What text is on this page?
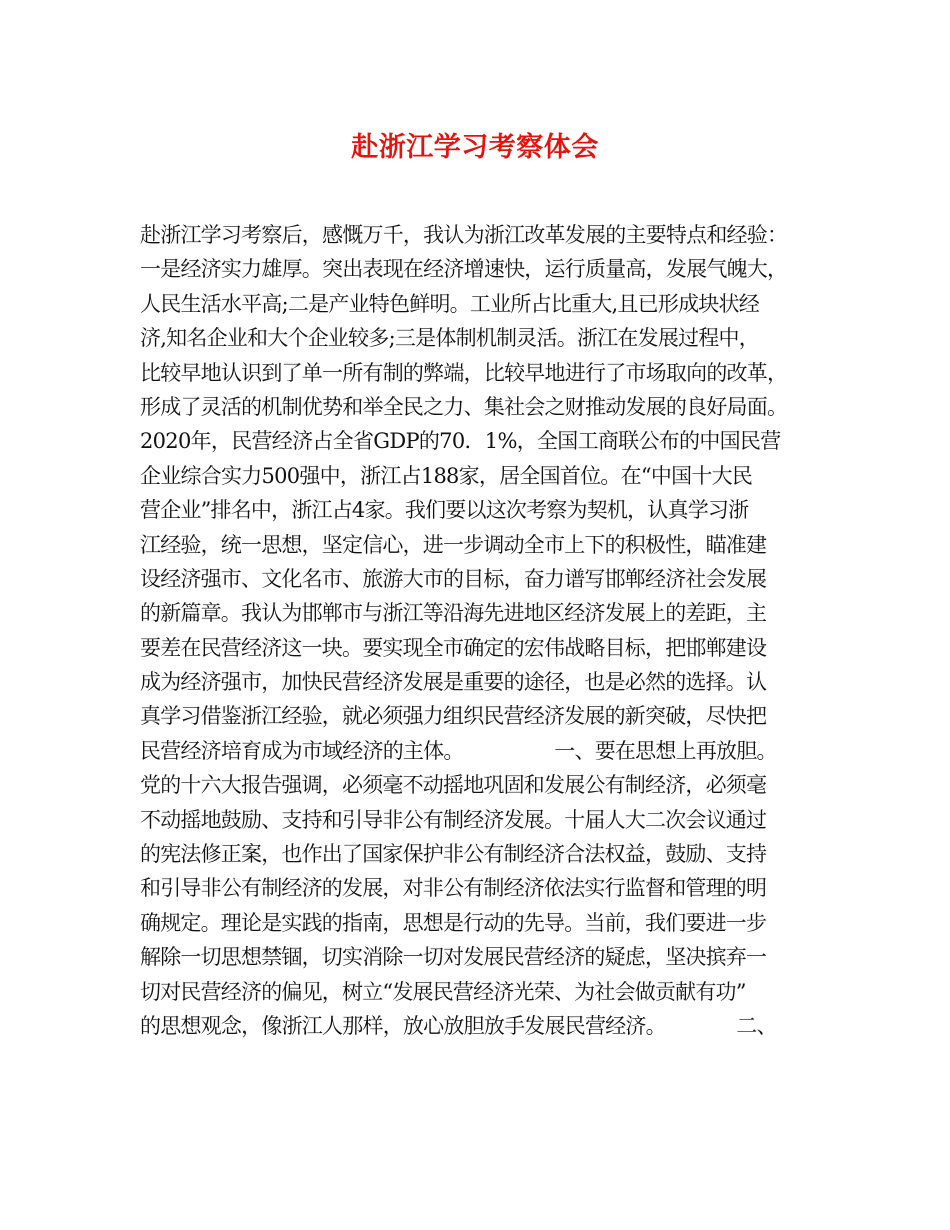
赴浙江学习考察体会
赴浙江学习考察后，感慨万千，我认为浙江改革发展的主要特点和经验：
一是经济实力雄厚。突出表现在经济增速快，运行质量高，发展气魄大，
人民生活水平高;二是产业特色鲜明。工业所占比重大,且已形成块状经
济,知名企业和大个企业较多;三是体制机制灵活。浙江在发展过程中，
比较早地认识到了单一所有制的弊端，比较早地进行了市场取向的改革，
形成了灵活的机制优势和举全民之力、集社会之财推动发展的良好局面。
2020年，民营经济占全省GDP的70．1%，全国工商联公布的中国民营
企业综合实力500强中，浙江占188家，居全国首位。在“中国十大民
营企业”排名中，浙江占4家。我们要以这次考察为契机，认真学习浙
江经验，统一思想，坚定信心，进一步调动全市上下的积极性，瞄准建
设经济强市、文化名市、旅游大市的目标，奋力谱写邯郸经济社会发展
的新篇章。我认为邯郸市与浙江等沿海先进地区经济发展上的差距，主
要差在民营经济这一块。要实现全市确定的宏伟战略目标，把邯郸建设
成为经济强市，加快民营经济发展是重要的途径，也是必然的选择。认
真学习借鉴浙江经验，就必须强力组织民营经济发展的新突破，尽快把
民营经济培育成为市域经济的主体。　　　　　一、要在思想上再放胆。
党的十六大报告强调，必须毫不动摇地巩固和发展公有制经济，必须毫
不动摇地鼓励、支持和引导非公有制经济发展。十届人大二次会议通过
的宪法修正案，也作出了国家保护非公有制经济合法权益，鼓励、支持
和引导非公有制经济的发展，对非公有制经济依法实行监督和管理的明
确规定。理论是实践的指南，思想是行动的先导。当前，我们要进一步
解除一切思想禁锢，切实消除一切对发展民营经济的疑虑，坚决摈弃一
切对民营经济的偏见，树立“发展民营经济光荣、为社会做贡献有功”
的思想观念，像浙江人那样，放心放胆放手发展民营经济。　　　　二、
